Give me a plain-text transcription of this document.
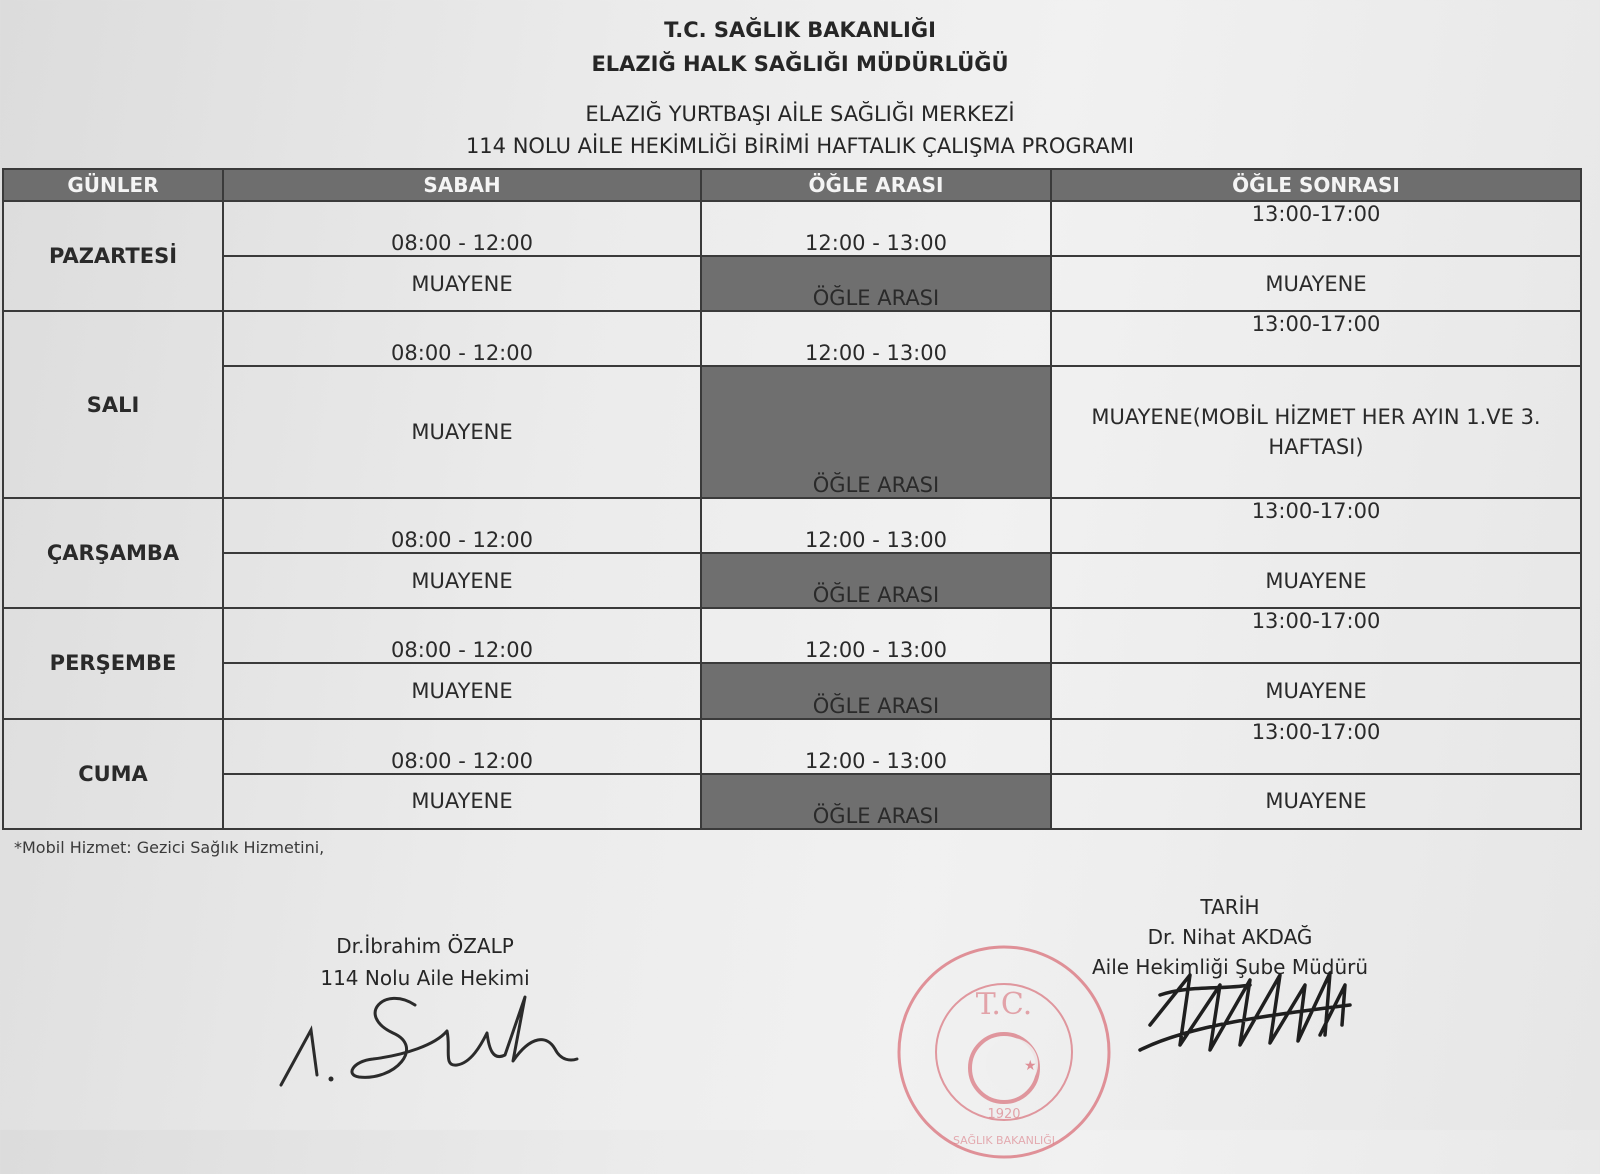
T.C. SAĞLIK BAKANLIĞI
ELAZIĞ HALK SAĞLIĞI MÜDÜRLÜĞÜ
ELAZIĞ YURTBAŞI AİLE SAĞLIĞI MERKEZİ
114 NOLU AİLE HEKİMLİĞİ BİRİMİ HAFTALIK ÇALIŞMA PROGRAMI
GÜNLER	SABAH	ÖĞLE ARASI	ÖĞLE SONRASI
PAZARTESİ	08:00 - 12:00	12:00 - 13:00	13:00-17:00
	MUAYENE	ÖĞLE ARASI	MUAYENE
SALI	08:00 - 12:00	12:00 - 13:00	13:00-17:00
	MUAYENE	ÖĞLE ARASI	MUAYENE(MOBİL HİZMET HER AYIN 1.VE 3. HAFTASI)
ÇARŞAMBA	08:00 - 12:00	12:00 - 13:00	13:00-17:00
	MUAYENE	ÖĞLE ARASI	MUAYENE
PERŞEMBE	08:00 - 12:00	12:00 - 13:00	13:00-17:00
	MUAYENE	ÖĞLE ARASI	MUAYENE
CUMA	08:00 - 12:00	12:00 - 13:00	13:00-17:00
	MUAYENE	ÖĞLE ARASI	MUAYENE
*Mobil Hizmet: Gezici Sağlık Hizmetini,
Dr.İbrahim ÖZALP
114 Nolu Aile Hekimi
TARİH
Dr. Nihat AKDAĞ
Aile Hekimliği Şube Müdürü
★
T.C.
1920
SAĞLIK BAKANLIĞI
